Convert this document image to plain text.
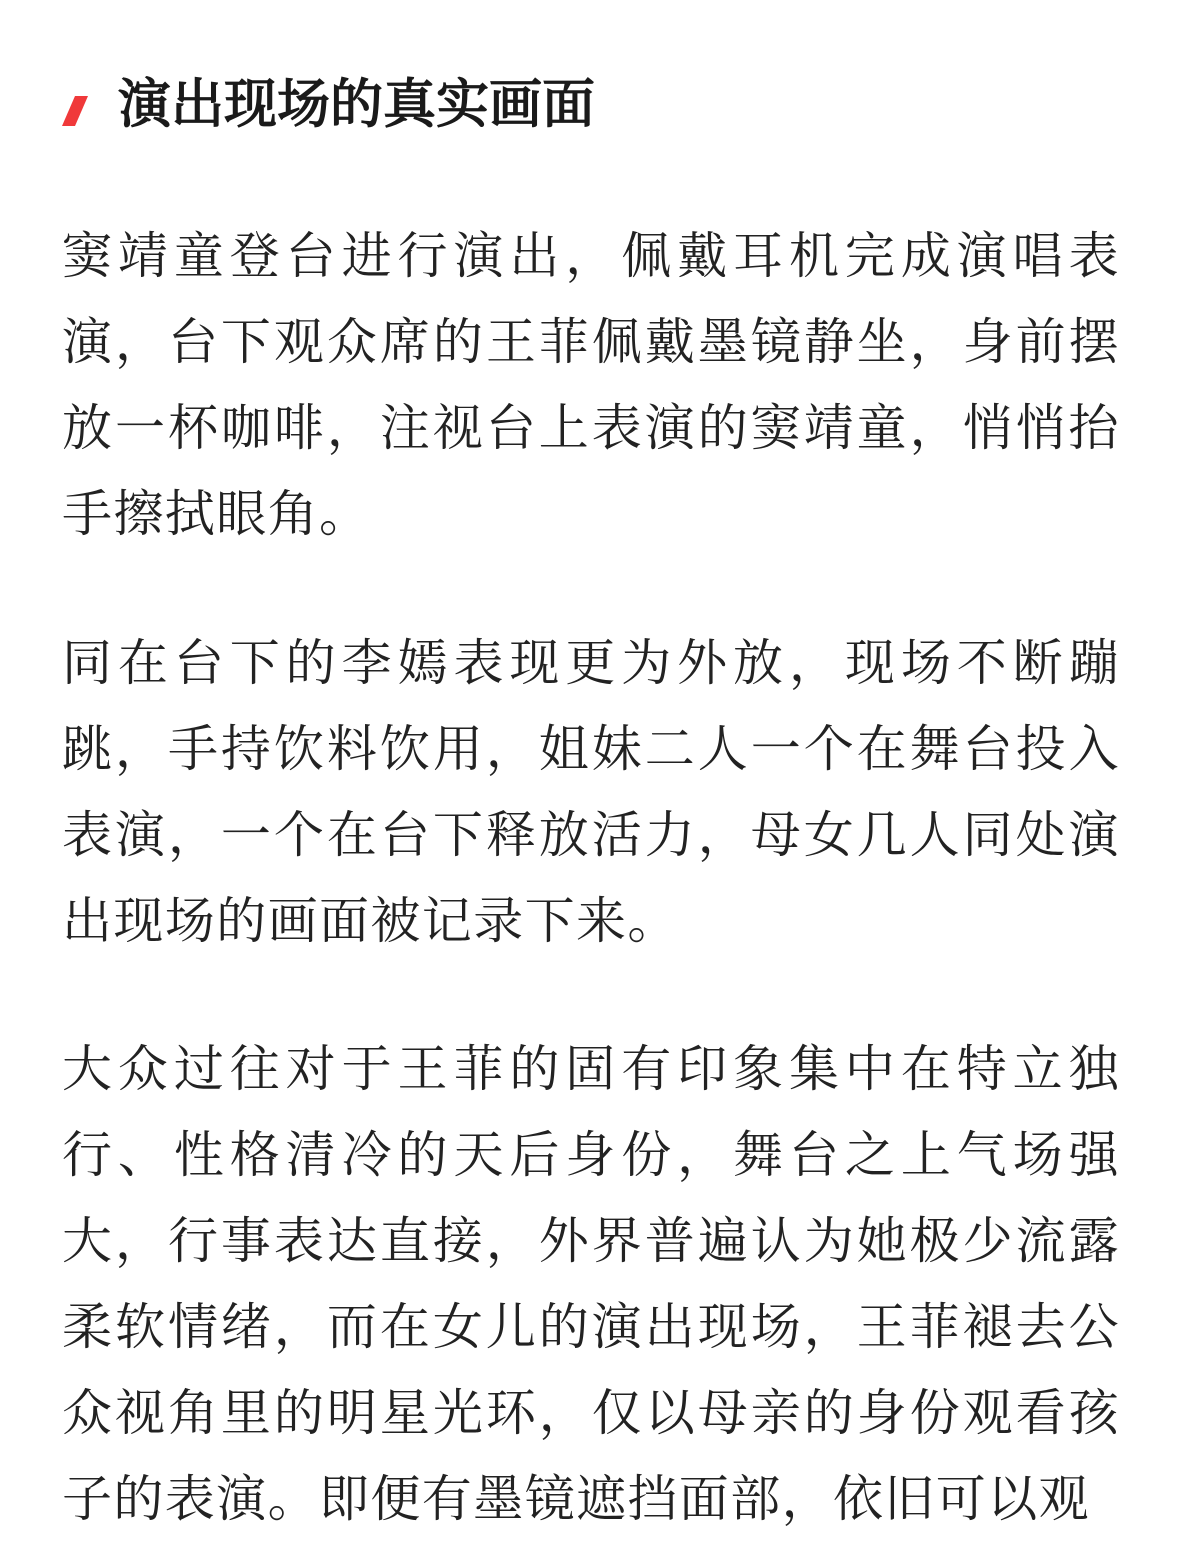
演出现场的真实画面

窦靖童登台进行演出，佩戴耳机完成演唱表演，台下观众席的王菲佩戴墨镜静坐，身前摆放一杯咖啡，注视台上表演的窦靖童，悄悄抬手擦拭眼角。

同在台下的李嫣表现更为外放，现场不断蹦跳，手持饮料饮用，姐妹二人一个在舞台投入表演，一个在台下释放活力，母女几人同处演出现场的画面被记录下来。

大众过往对于王菲的固有印象集中在特立独行、性格清冷的天后身份，舞台之上气场强大，行事表达直接，外界普遍认为她极少流露柔软情绪，而在女儿的演出现场，王菲褪去公众视角里的明星光环，仅以母亲的身份观看孩子的表演。即便有墨镜遮挡面部，依旧可以观
